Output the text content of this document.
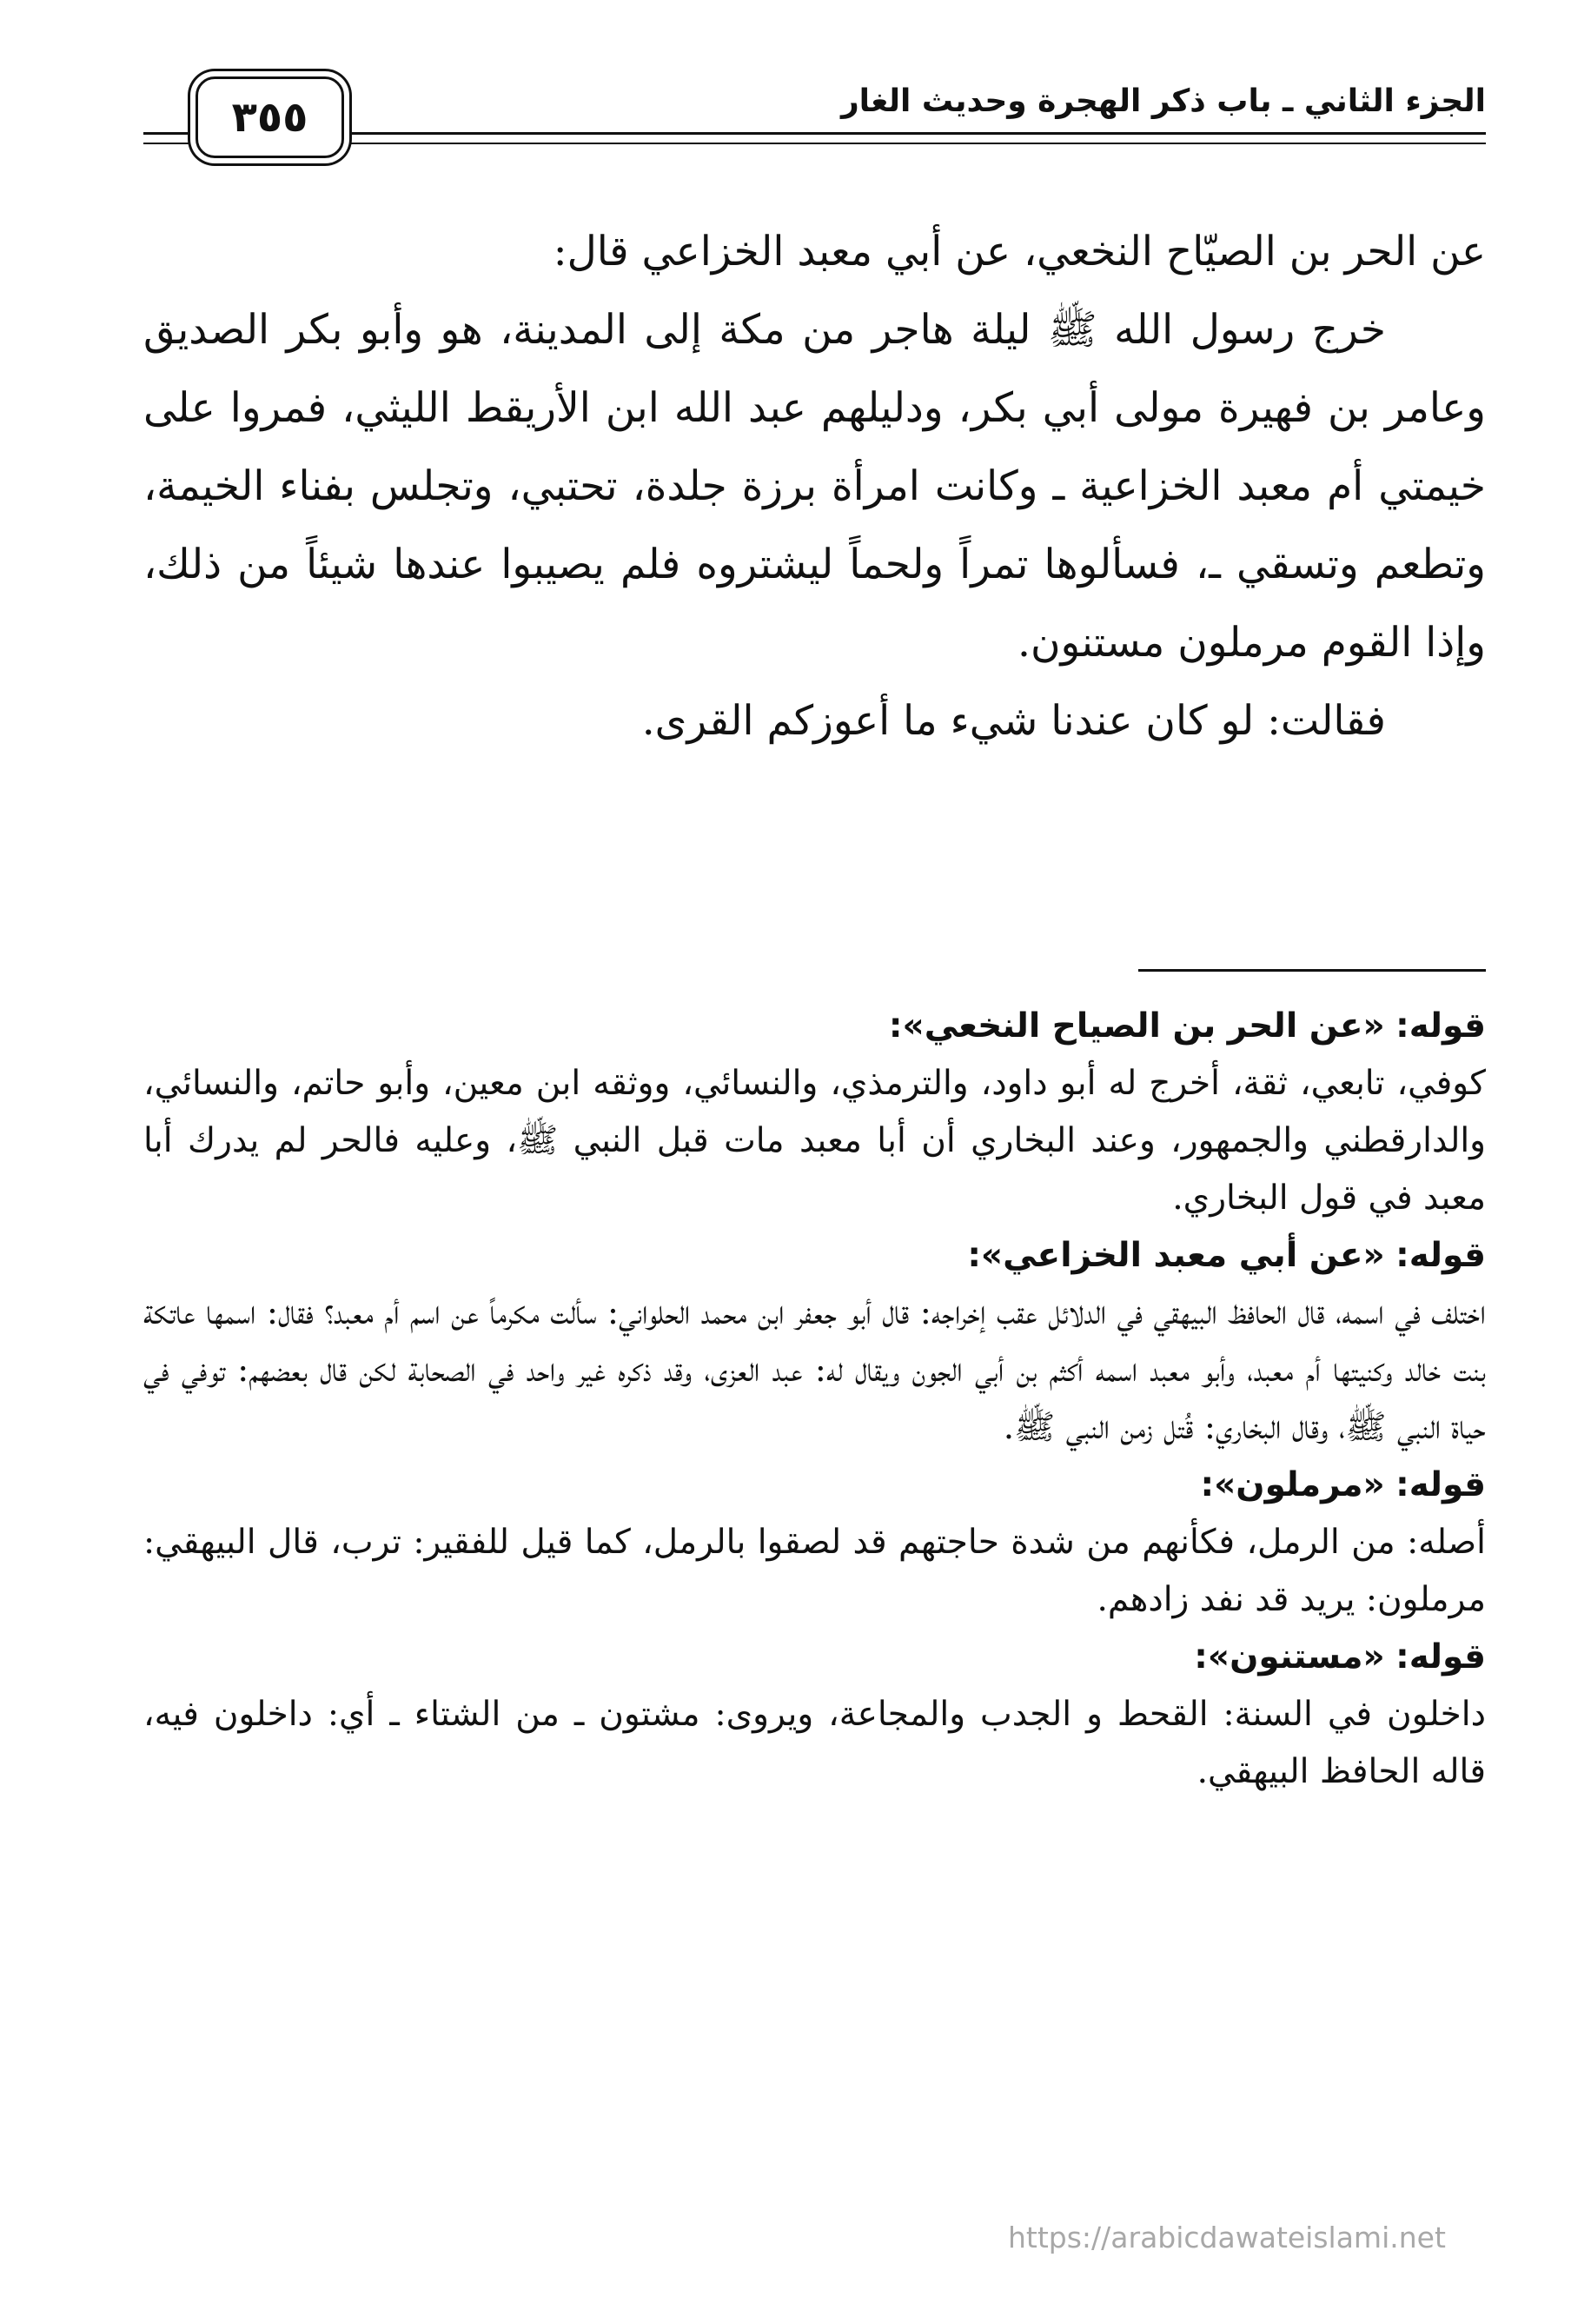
الجزء الثاني ـ باب ذكر الهجرة وحديث الغار
٣٥٥

عن الحر بن الصيّاح النخعي، عن أبي معبد الخزاعي قال:

خرج رسول الله ﷺ ليلة هاجر من مكة إلى المدينة، هو وأبو بكر الصديق وعامر بن فهيرة مولى أبي بكر، ودليلهم عبد الله ابن الأريقط الليثي، فمروا على خيمتي أم معبد الخزاعية ـ وكانت امرأة برزة جلدة، تحتبي، وتجلس بفناء الخيمة، وتطعم وتسقي ـ، فسألوها تمراً ولحماً ليشتروه فلم يصيبوا عندها شيئاً من ذلك، وإذا القوم مرملون مستنون.

فقالت: لو كان عندنا شيء ما أعوزكم القرى.

قوله: «عن الحر بن الصياح النخعي»:

كوفي، تابعي، ثقة، أخرج له أبو داود، والترمذي، والنسائي، ووثقه ابن معين، وأبو حاتم، والنسائي، والدارقطني والجمهور، وعند البخاري أن أبا معبد مات قبل النبي ﷺ، وعليه فالحر لم يدرك أبا معبد في قول البخاري.

قوله: «عن أبي معبد الخزاعي»:

اختلف في اسمه، قال الحافظ البيهقي في الدلائل عقب إخراجه: قال أبو جعفر ابن محمد الحلواني: سألت مكرماً عن اسم أم معبد؟ فقال: اسمها عاتكة بنت خالد وكنيتها أم معبد، وأبو معبد اسمه أكثم بن أبي الجون ويقال له: عبد العزى، وقد ذكره غير واحد في الصحابة لكن قال بعضهم: توفي في حياة النبي ﷺ، وقال البخاري: قُتل زمن النبي ﷺ.

قوله: «مرملون»:

أصله: من الرمل، فكأنهم من شدة حاجتهم قد لصقوا بالرمل، كما قيل للفقير: ترب، قال البيهقي: مرملون: يريد قد نفد زادهم.

قوله: «مستنون»:

داخلون في السنة: القحط و الجدب والمجاعة، ويروى: مشتون ـ من الشتاء ـ أي: داخلون فيه، قاله الحافظ البيهقي.

https://arabicdawateislami.net
